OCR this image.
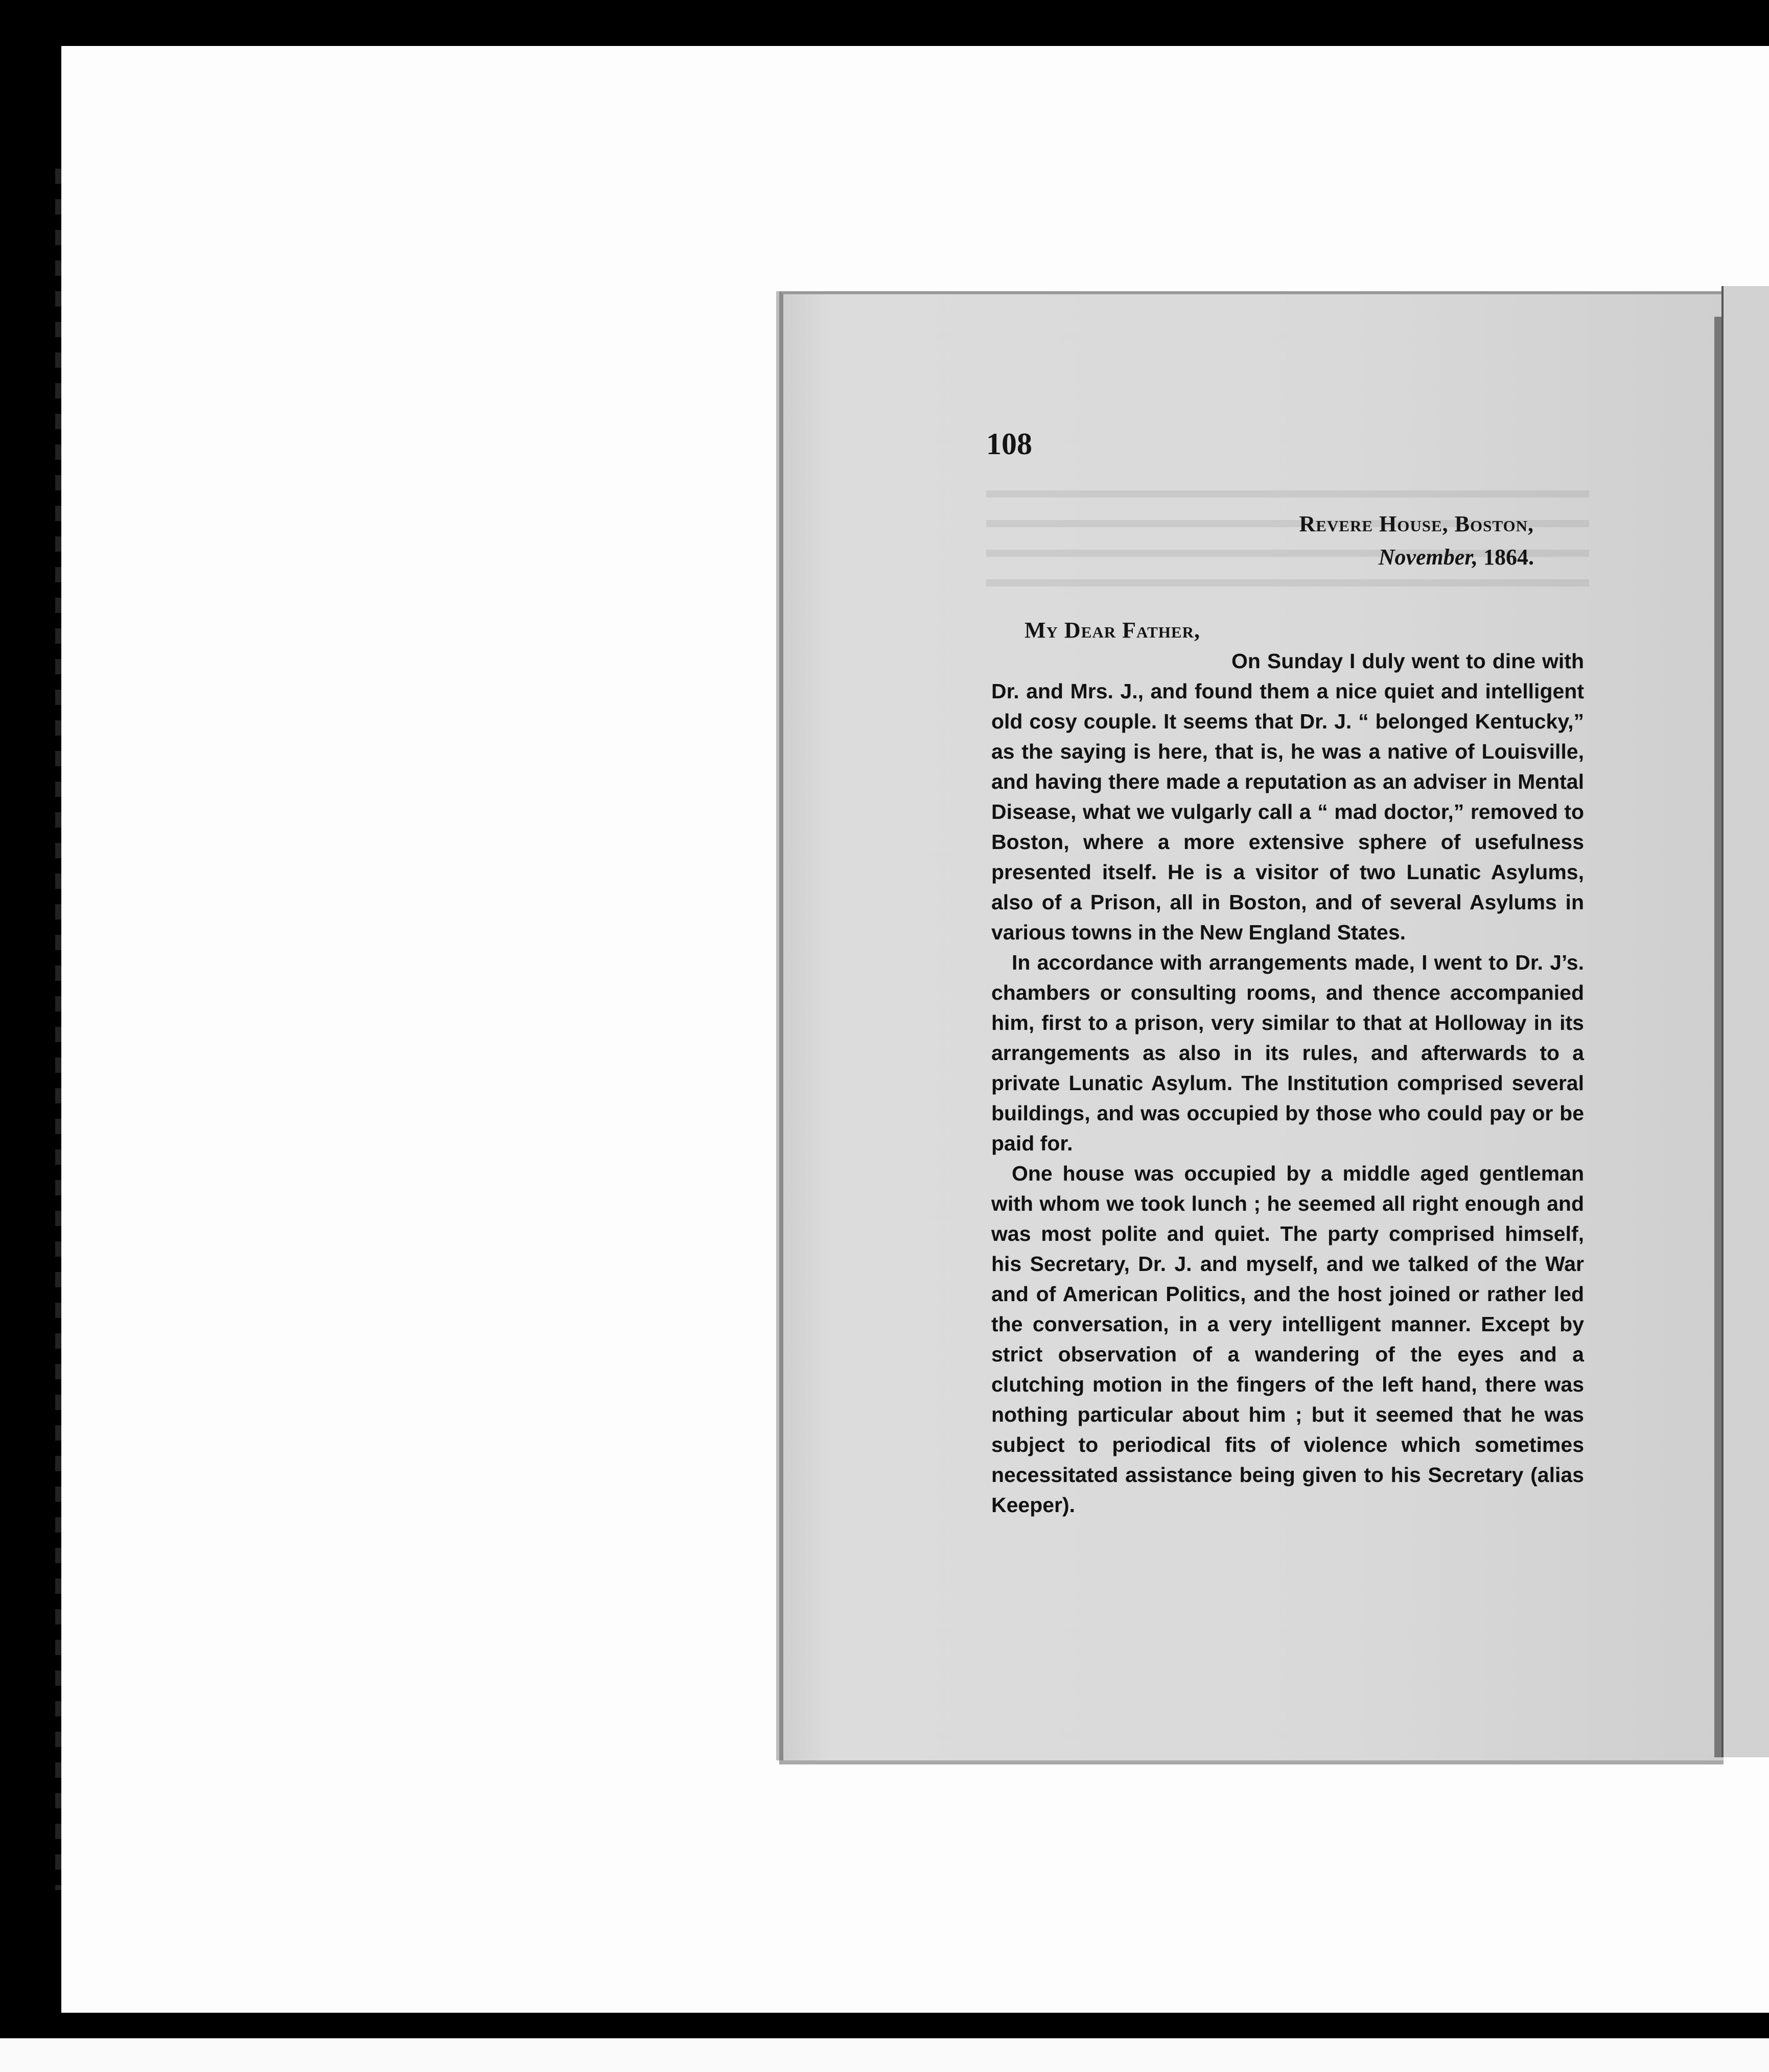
108
Revere House, Boston,
November, 1864.
My Dear Father,

On Sunday I duly went to dine with Dr. and Mrs. J., and found them a nice quiet and intelligent old cosy couple. It seems that Dr. J. “ belonged Kentucky,” as the saying is here, that is, he was a native of Louisville, and having there made a reputation as an adviser in Mental Disease, what we vulgarly call a “ mad doctor,” removed to Boston, where a more extensive sphere of usefulness presented itself. He is a visitor of two Lunatic Asylums, also of a Prison, all in Boston, and of several Asylums in various towns in the New England States.

In accordance with arrangements made, I went to Dr. J’s. chambers or consulting rooms, and thence accompanied him, first to a prison, very similar to that at Holloway in its arrangements as also in its rules, and afterwards to a private Lunatic Asylum. The Institution comprised several buildings, and was occupied by those who could pay or be paid for.

One house was occupied by a middle aged gentleman with whom we took lunch ; he seemed all right enough and was most polite and quiet. The party comprised himself, his Secretary, Dr. J. and myself, and we talked of the War and of American Politics, and the host joined or rather led the conversation, in a very intelligent manner. Except by strict observation of a wandering of the eyes and a clutching motion in the fingers of the left hand, there was nothing particular about him ; but it seemed that he was subject to periodical fits of violence which sometimes necessitated assistance being given to his Secretary (alias Keeper).
